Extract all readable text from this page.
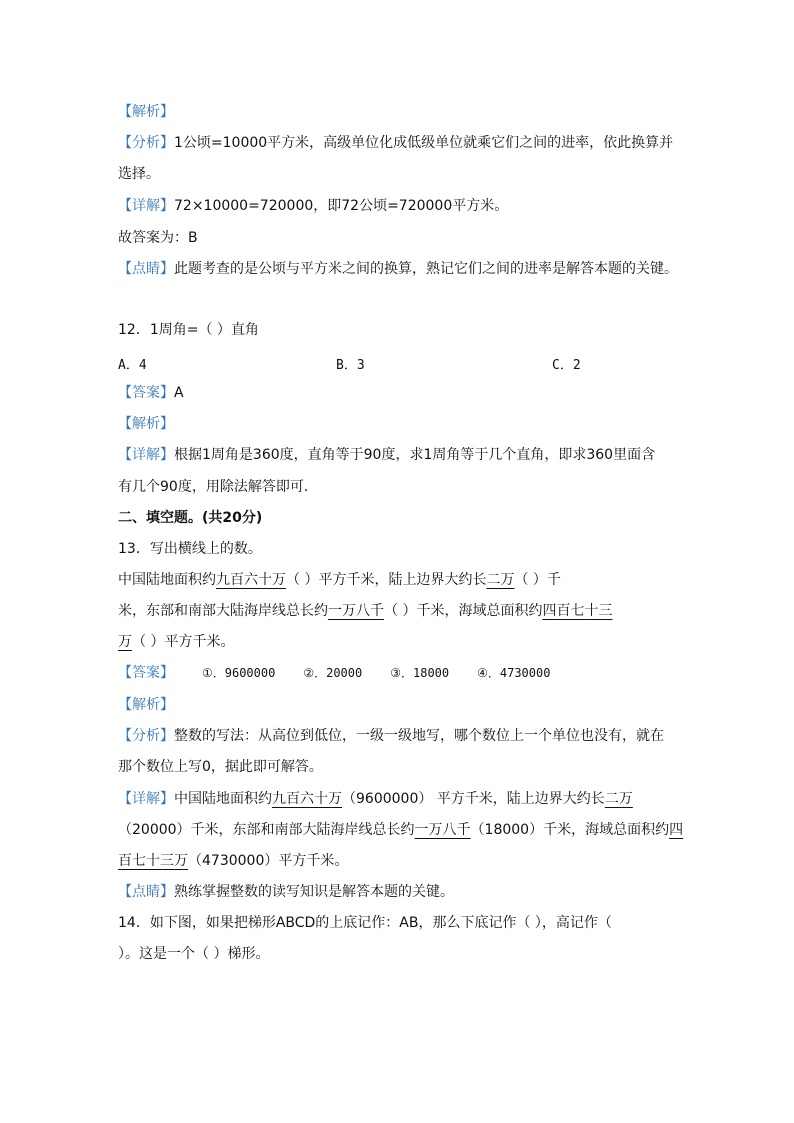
【解析】
【分析】1公顷=10000平方米，高级单位化成低级单位就乘它们之间的进率，依此换算并
选择。
【详解】72×10000=720000，即72公顷=720000平方米。
故答案为：B
【点睛】此题考查的是公顷与平方米之间的换算，熟记它们之间的进率是解答本题的关键。
12．1周角=（ ）直角
A．4	B．3	C．2
【答案】A
【解析】
【详解】根据1周角是360度，直角等于90度，求1周角等于几个直角，即求360里面含
有几个90度，用除法解答即可．
二、填空题。(共20分)
13．写出横线上的数。
中国陆地面积约九百六十万（ ）平方千米，陆上边界大约长二万（ ）千
米，东部和南部大陆海岸线总长约一万八千（ ）千米，海域总面积约四百七十三
万（ ）平方千米。
【答案】 ①．9600000 ②．20000 ③．18000 ④．4730000
【解析】
【分析】整数的写法：从高位到低位，一级一级地写，哪个数位上一个单位也没有，就在
那个数位上写0，据此即可解答。
【详解】中国陆地面积约九百六十万（9600000） 平方千米，陆上边界大约长二万
（20000）千米，东部和南部大陆海岸线总长约一万八千（18000）千米，海域总面积约四
百七十三万（4730000）平方千米。
【点睛】熟练掌握整数的读写知识是解答本题的关键。
14．如下图，如果把梯形ABCD的上底记作：AB，那么下底记作（ ），高记作（
）。这是一个（ ）梯形。
